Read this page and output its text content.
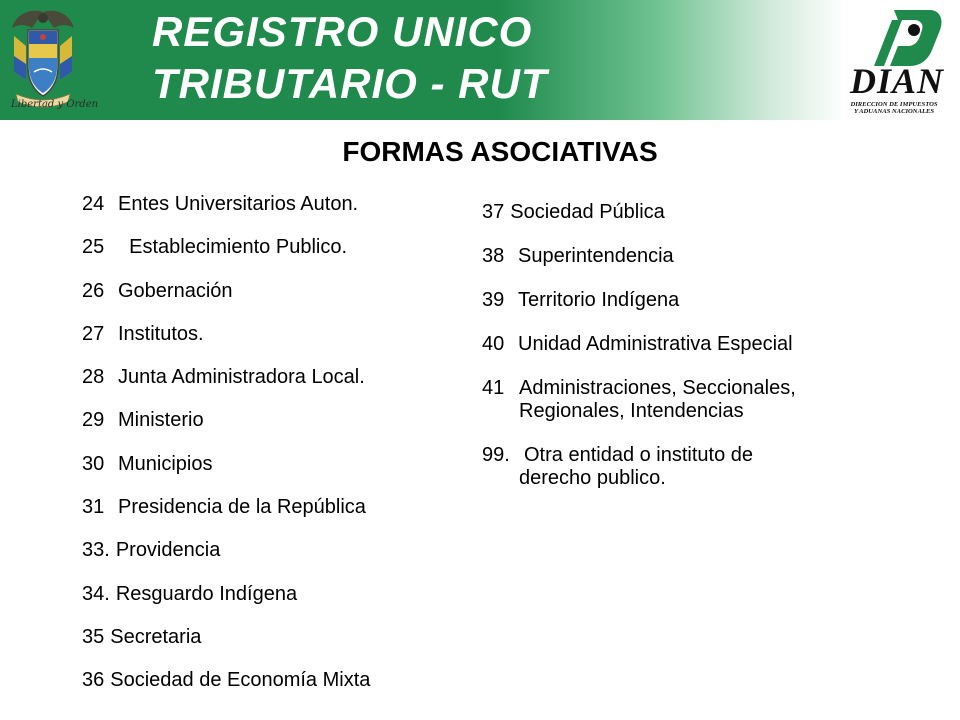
Libertad y Orden
REGISTRO UNICO
TRIBUTARIO - RUT	DIAN
DIRECCION DE IMPUESTOS
Y ADUANAS NACIONALES
FORMAS ASOCIATIVAS
24 Entes Universitarios Auton.
25  Establecimiento Publico.
26 Gobernación
27 Institutos.
28 Junta Administradora Local.
29 Ministerio
30 Municipios
31 Presidencia de la República
33. Providencia
34. Resguardo Indígena
35 Secretaria
36 Sociedad de Economía Mixta
37 Sociedad Pública
38 Superintendencia
39 Territorio Indígena
40 Unidad Administrativa Especial
41 Administraciones, Seccionales,
Regionales, Intendencias
99. Otra entidad o instituto de
derecho publico.
